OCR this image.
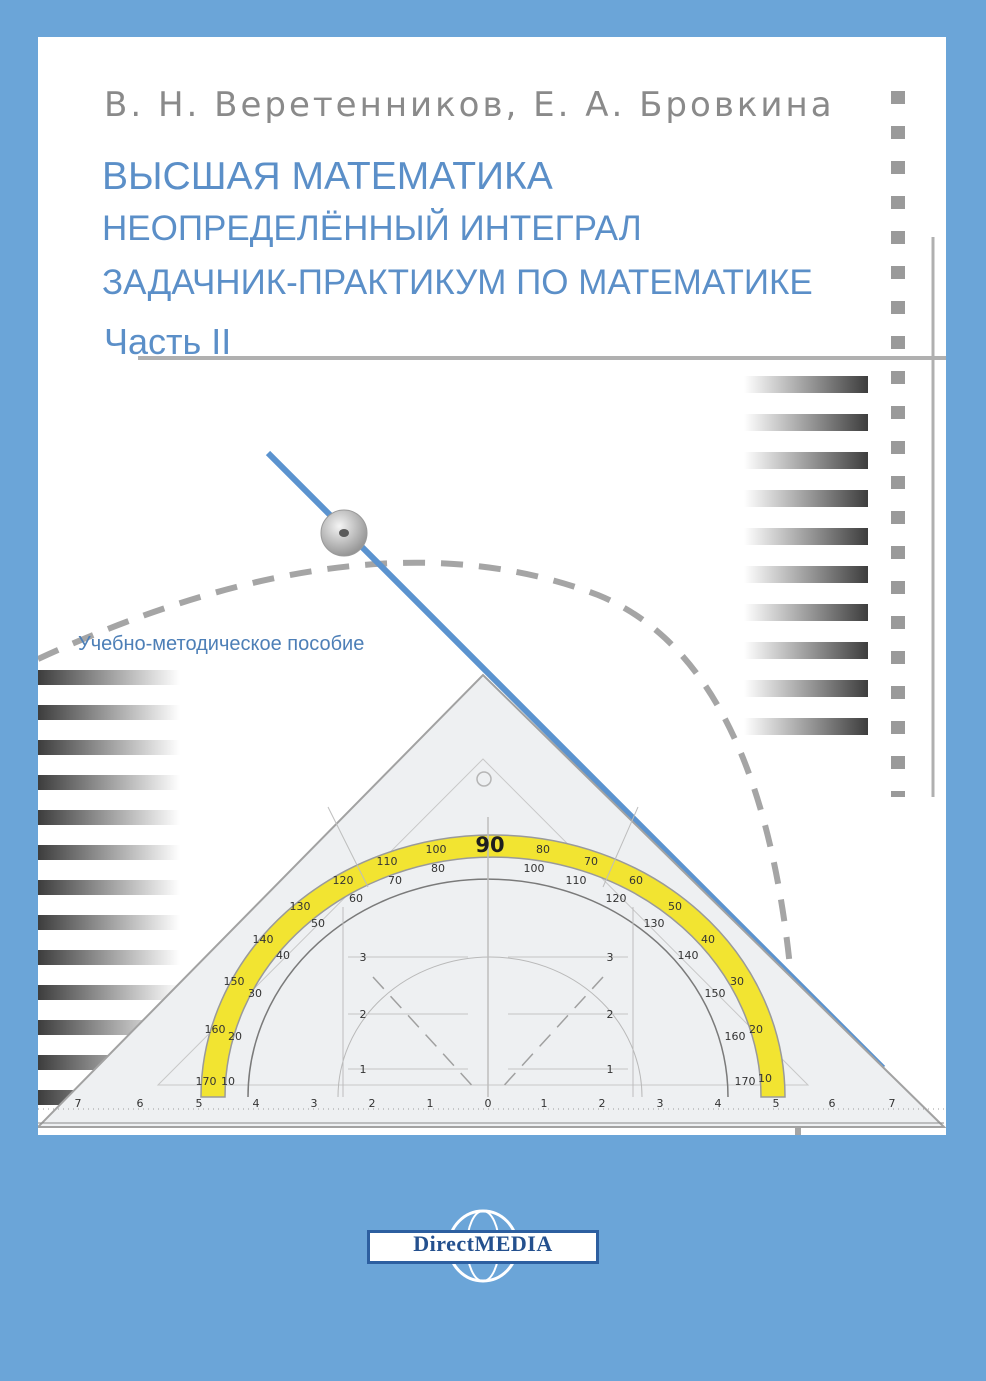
90
170
160
150
140
130
120
110
100	80
70
60
50
40
30
20
10
10
20
30
40
50
60
70
80	100
110
120
130
140
150
160
170
7	6	5	4	3	2	1	0	1	2	3	4	5	6	7
3
2
1
3
2
1
В. Н. Веретенников, Е. А. Бровкина
ВЫСШАЯ МАТЕМАТИКА
НЕОПРЕДЕЛЁННЫЙ ИНТЕГРАЛ
ЗАДАЧНИК-ПРАКТИКУМ ПО МАТЕМАТИКЕ
Часть II
Учебно-методическое пособие
DirectMEDIA
